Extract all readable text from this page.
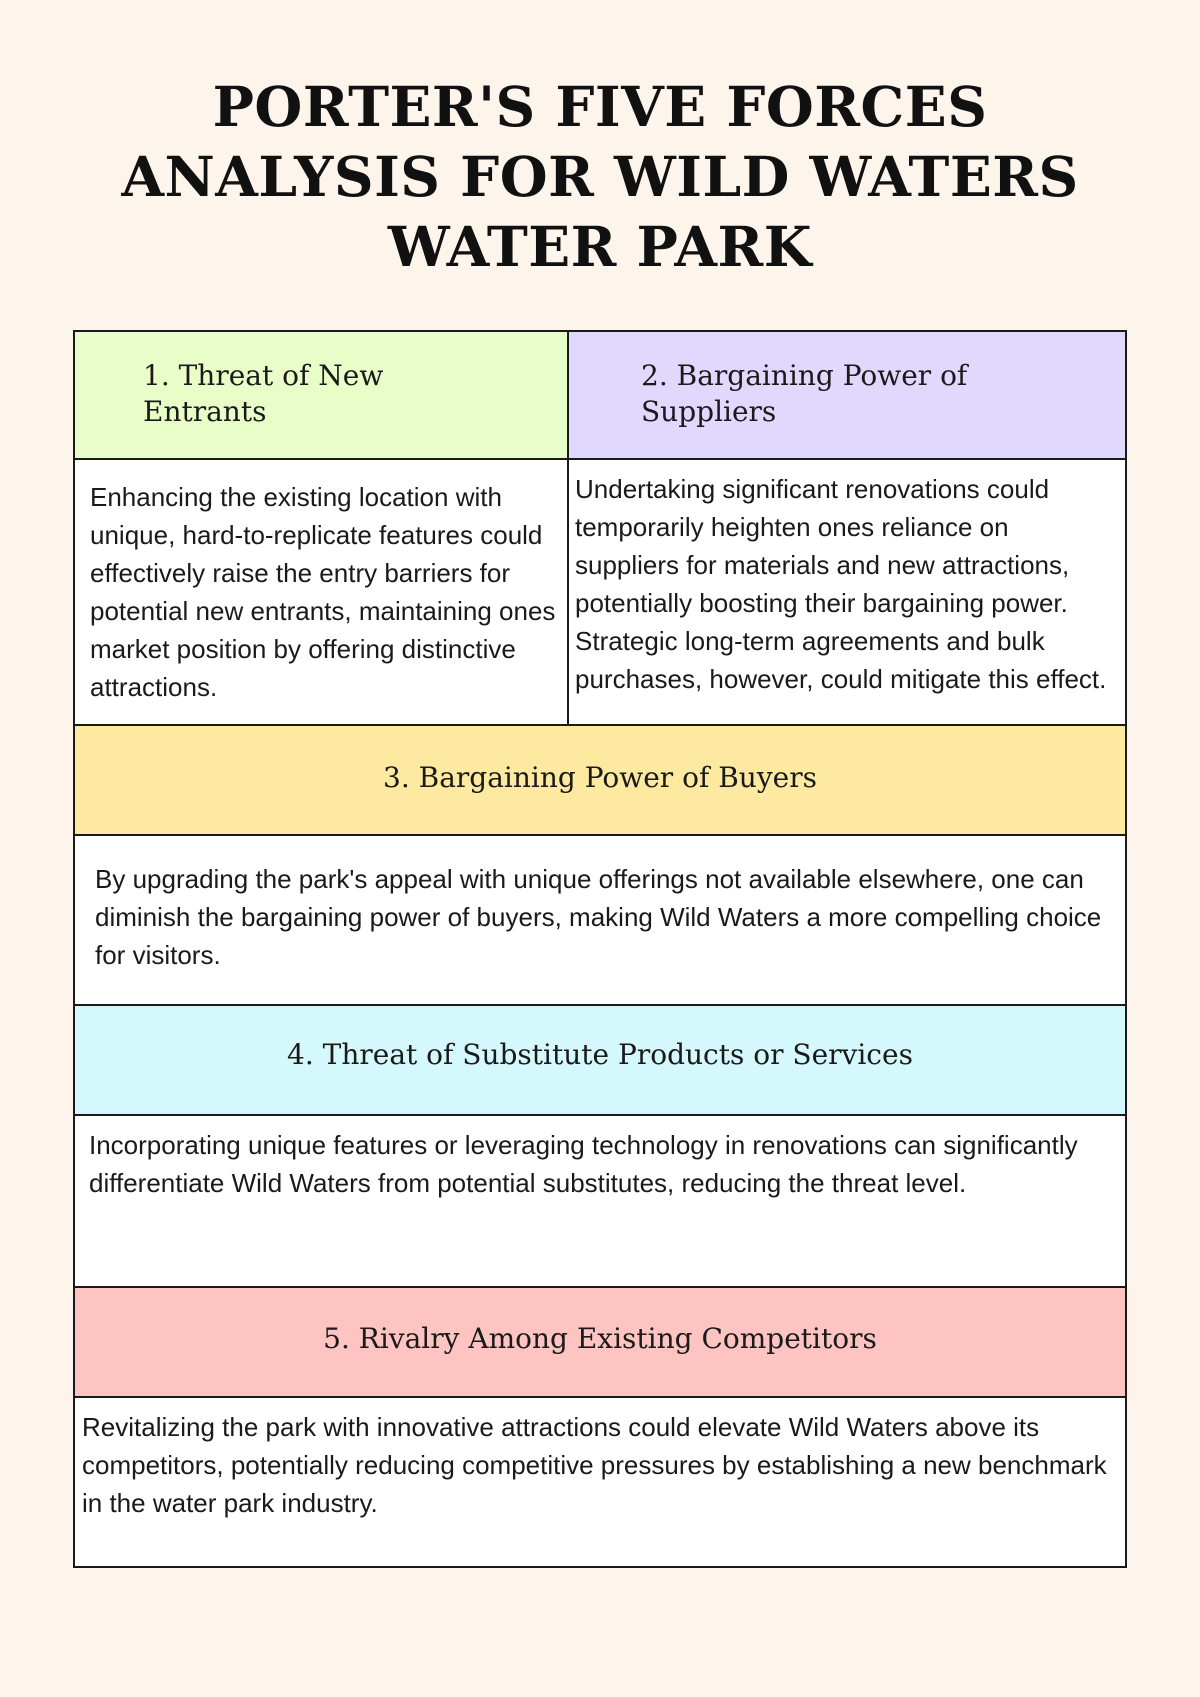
PORTER'S FIVE FORCES
ANALYSIS FOR WILD WATERS
WATER PARK
1. Threat of New Entrants
2. Bargaining Power of Suppliers
Enhancing the existing location with unique, hard-to-replicate features could effectively raise the entry barriers for potential new entrants, maintaining ones market position by offering distinctive attractions.
Undertaking significant renovations could temporarily heighten ones reliance on suppliers for materials and new attractions, potentially boosting their bargaining power. Strategic long-term agreements and bulk purchases, however, could mitigate this effect.
3. Bargaining Power of Buyers
By upgrading the park's appeal with unique offerings not available elsewhere, one can diminish the bargaining power of buyers, making Wild Waters a more compelling choice for visitors.
4. Threat of Substitute Products or Services
Incorporating unique features or leveraging technology in renovations can significantly differentiate Wild Waters from potential substitutes, reducing the threat level.
5. Rivalry Among Existing Competitors
Revitalizing the park with innovative attractions could elevate Wild Waters above its competitors, potentially reducing competitive pressures by establishing a new benchmark in the water park industry.
